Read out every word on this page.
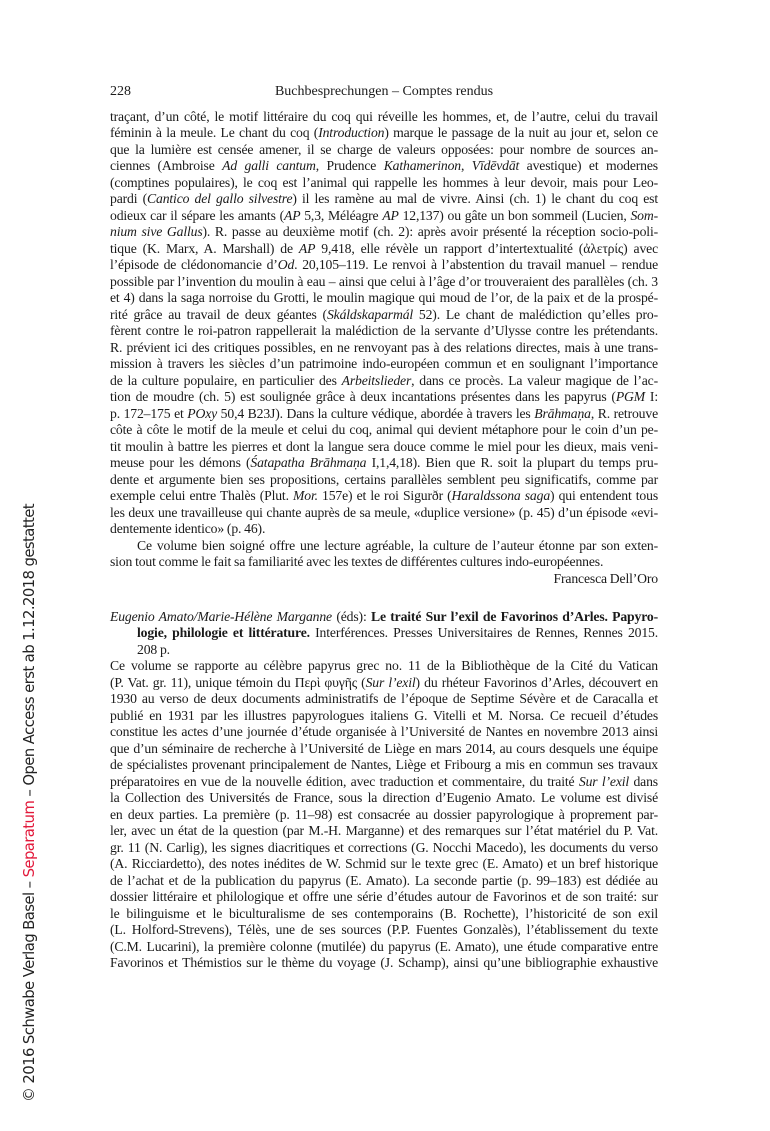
228	Buchbesprechungen – Comptes rendus
traçant, d’un côté, le motif littéraire du coq qui réveille les hommes, et, de l’autre, celui du travail
féminin à la meule. Le chant du coq (Introduction) marque le passage de la nuit au jour et, selon ce
que la lumière est censée amener, il se charge de valeurs opposées: pour nombre de sources an-
ciennes (Ambroise Ad galli cantum, Prudence Kathamerinon, Vīdēvdāt avestique) et modernes
(comptines populaires), le coq est l’animal qui rappelle les hommes à leur devoir, mais pour Leo-
pardi (Cantico del gallo silvestre) il les ramène au mal de vivre. Ainsi (ch. 1) le chant du coq est
odieux car il sépare les amants (AP 5,3, Méléagre AP 12,137) ou gâte un bon sommeil (Lucien, Som-
nium sive Gallus). R. passe au deuxième motif (ch. 2): après avoir présenté la réception socio-poli-
tique (K. Marx, A. Marshall) de AP 9,418, elle révèle un rapport d’intertextualité (ἀλετρίς) avec
l’épisode de clédonomancie d’Od. 20,105–119. Le renvoi à l’abstention du travail manuel – rendue
possible par l’invention du moulin à eau – ainsi que celui à l’âge d’or trouveraient des parallèles (ch. 3
et 4) dans la saga norroise du Grotti, le moulin magique qui moud de l’or, de la paix et de la prospé-
rité grâce au travail de deux géantes (Skáldskaparmál 52). Le chant de malédiction qu’elles pro-
fèrent contre le roi-patron rappellerait la malédiction de la servante d’Ulysse contre les prétendants.
R. prévient ici des critiques possibles, en ne renvoyant pas à des relations directes, mais à une trans-
mission à travers les siècles d’un patrimoine indo-européen commun et en soulignant l’importance
de la culture populaire, en particulier des Arbeitslieder, dans ce procès. La valeur magique de l’ac-
tion de moudre (ch. 5) est soulignée grâce à deux incantations présentes dans les papyrus (PGM I:
p. 172–175 et POxy 50,4 B23J). Dans la culture védique, abordée à travers les Brāhmaṇa, R. retrouve
côte à côte le motif de la meule et celui du coq, animal qui devient métaphore pour le coin d’un pe-
tit moulin à battre les pierres et dont la langue sera douce comme le miel pour les dieux, mais veni-
meuse pour les démons (Śatapatha Brāhmaṇa I,1,4,18). Bien que R. soit la plupart du temps pru-
dente et argumente bien ses propositions, certains parallèles semblent peu significatifs, comme par
exemple celui entre Thalès (Plut. Mor. 157e) et le roi Sigurðr (Haraldssona saga) qui entendent tous
les deux une travailleuse qui chante auprès de sa meule, «duplice versione» (p. 45) d’un épisode «evi-
dentemente identico» (p. 46).
Ce volume bien soigné offre une lecture agréable, la culture de l’auteur étonne par son exten-
sion tout comme le fait sa familiarité avec les textes de différentes cultures indo-européennes.
Francesca Dell’Oro
Eugenio Amato/Marie-Hélène Marganne (éds): Le traité Sur l’exil de Favorinos d’Arles. Papyro-
logie, philologie et littérature. Interférences. Presses Universitaires de Rennes, Rennes 2015.
208 p.
Ce volume se rapporte au célèbre papyrus grec no. 11 de la Bibliothèque de la Cité du Vatican
(P. Vat. gr. 11), unique témoin du Περὶ φυγῆς (Sur l’exil) du rhéteur Favorinos d’Arles, découvert en
1930 au verso de deux documents administratifs de l’époque de Septime Sévère et de Caracalla et
publié en 1931 par les illustres papyrologues italiens G. Vitelli et M. Norsa. Ce recueil d’études
constitue les actes d’une journée d’étude organisée à l’Université de Nantes en novembre 2013 ainsi
que d’un séminaire de recherche à l’Université de Liège en mars 2014, au cours desquels une équipe
de spécialistes provenant principalement de Nantes, Liège et Fribourg a mis en commun ses travaux
préparatoires en vue de la nouvelle édition, avec traduction et commentaire, du traité Sur l’exil dans
la Collection des Universités de France, sous la direction d’Eugenio Amato. Le volume est divisé
en deux parties. La première (p. 11–98) est consacrée au dossier papyrologique à proprement par-
ler, avec un état de la question (par M.-H. Marganne) et des remarques sur l’état matériel du P. Vat.
gr. 11 (N. Carlig), les signes diacritiques et corrections (G. Nocchi Macedo), les documents du verso
(A. Ricciardetto), des notes inédites de W. Schmid sur le texte grec (E. Amato) et un bref historique
de l’achat et de la publication du papyrus (E. Amato). La seconde partie (p. 99–183) est dédiée au
dossier littéraire et philologique et offre une série d’études autour de Favorinos et de son traité: sur
le bilinguisme et le biculturalisme de ses contemporains (B. Rochette), l’historicité de son exil
(L. Holford-Strevens), Télès, une de ses sources (P.P. Fuentes Gonzalès), l’établissement du texte
(C.M. Lucarini), la première colonne (mutilée) du papyrus (E. Amato), une étude comparative entre
Favorinos et Thémistios sur le thème du voyage (J. Schamp), ainsi qu’une bibliographie exhaustive
© 2016 Schwabe Verlag Basel – Separatum – Open Access erst ab 1.12.2018 gestattet
